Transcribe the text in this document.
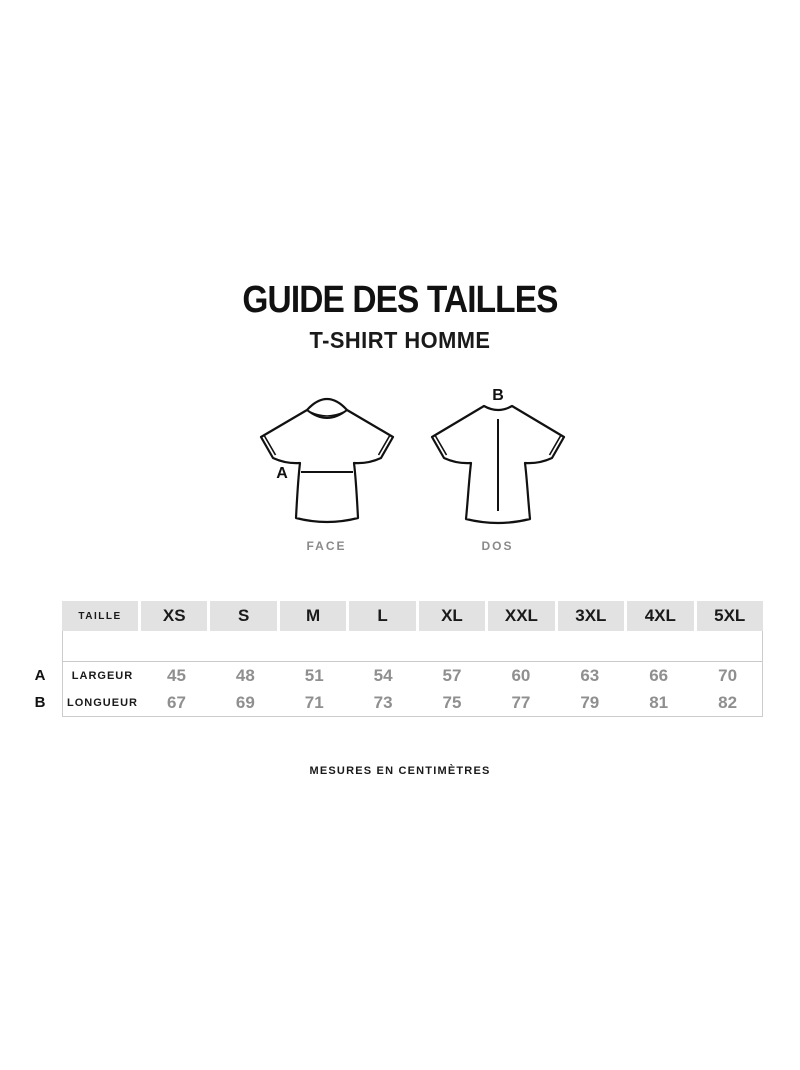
GUIDE DES TAILLES
T-SHIRT HOMME
A
B
FACE	DOS
A
B
TAILLE	XS	S	M	L	XL	XXL	3XL	4XL	5XL
LARGEUR	45	48	51	54	57	60	63	66	70
LONGUEUR	67	69	71	73	75	77	79	81	82
MESURES EN CENTIMÈTRES
